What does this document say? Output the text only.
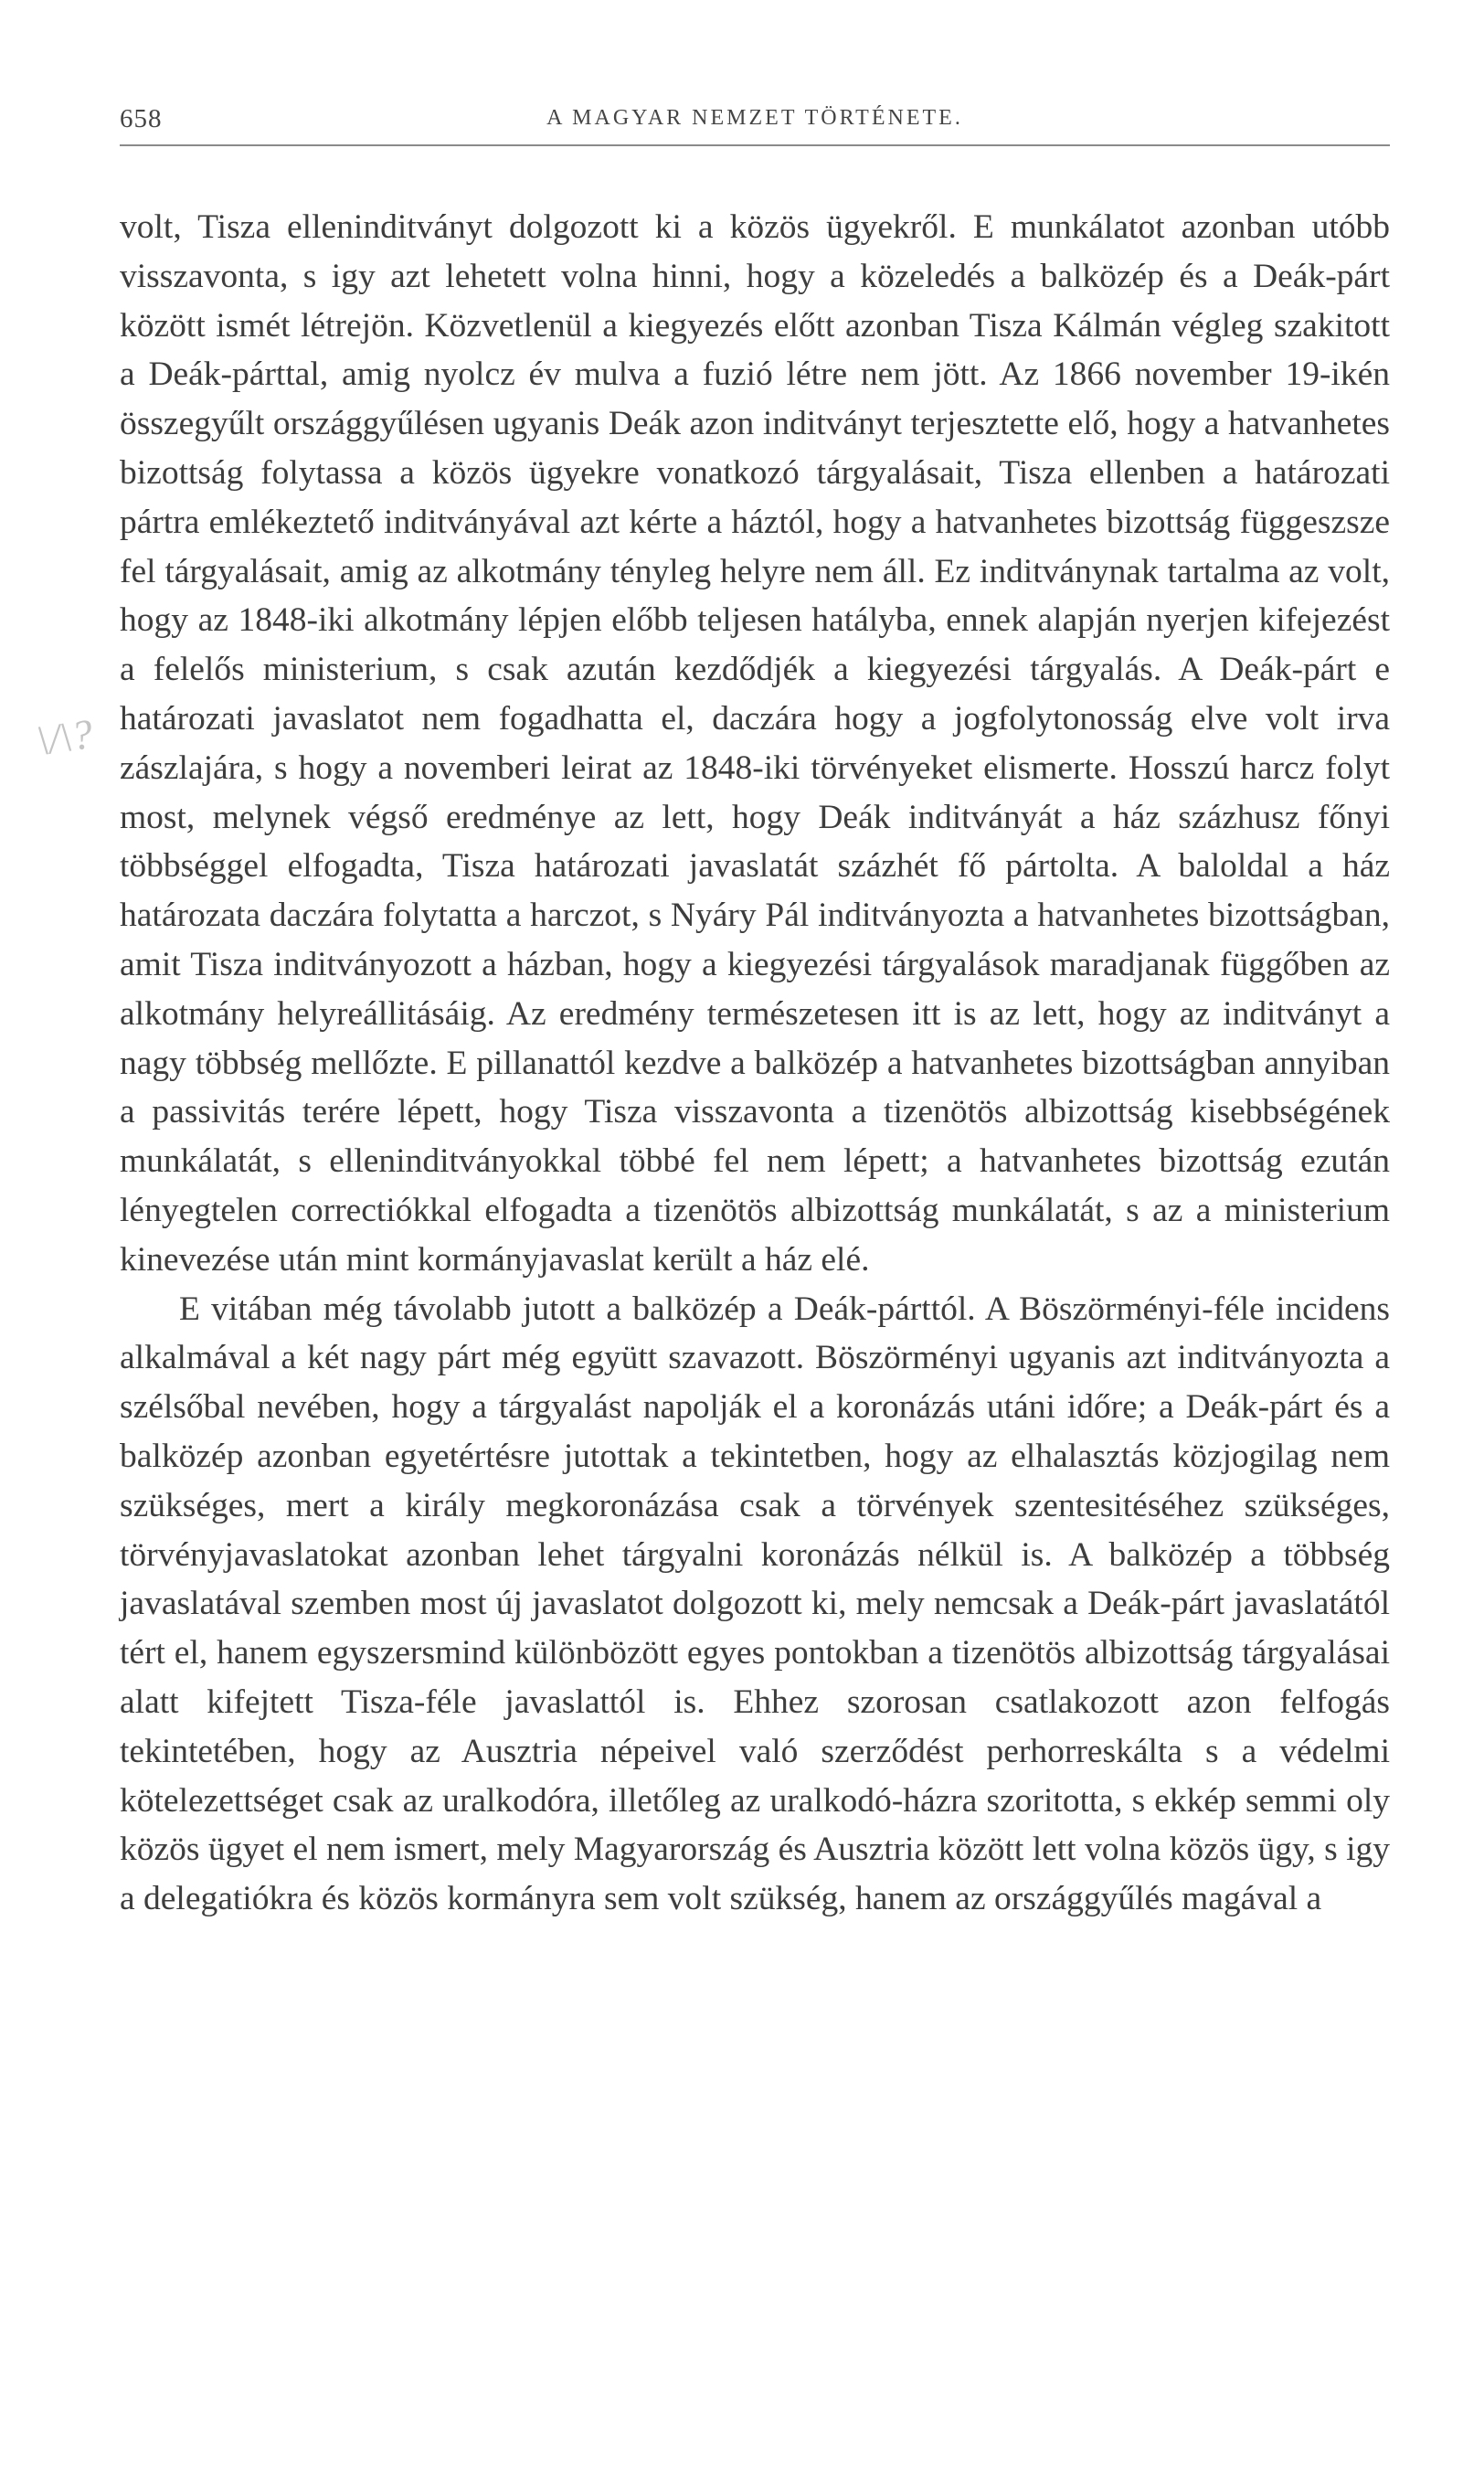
658	A MAGYAR NEMZET TÖRTÉNETE.
\/\?

volt, Tisza elleninditványt dolgozott ki a közös ügyekről. E munkálatot azonban utóbb visszavonta, s igy azt lehetett volna hinni, hogy a közeledés a balközép és a Deák-párt között ismét létrejön. Közvetlenül a kiegyezés előtt azonban Tisza Kálmán végleg szakitott a Deák-párttal, amig nyolcz év mulva a fuzió létre nem jött. Az 1866 november 19-ikén összegyűlt országgyűlésen ugyanis Deák azon inditványt terjesztette elő, hogy a hatvanhetes bizottság folytassa a közös ügyekre vonatkozó tárgyalásait, Tisza ellenben a határozati pártra emlékeztető inditványával azt kérte a háztól, hogy a hatvanhetes bizottság függeszsze fel tárgyalásait, amig az alkotmány tényleg helyre nem áll. Ez inditványnak tartalma az volt, hogy az 1848-iki alkotmány lépjen előbb teljesen hatályba, ennek alapján nyerjen kifejezést a felelős ministerium, s csak azután kezdődjék a kiegyezési tárgyalás. A Deák-párt e határozati javaslatot nem fogadhatta el, daczára hogy a jogfolytonosság elve volt irva zászlajára, s hogy a novemberi leirat az 1848-iki törvényeket elismerte. Hosszú harcz folyt most, melynek végső eredménye az lett, hogy Deák inditványát a ház százhusz főnyi többséggel elfogadta, Tisza határozati javaslatát százhét fő pártolta. A baloldal a ház határozata daczára folytatta a harczot, s Nyáry Pál inditványozta a hatvanhetes bizottságban, amit Tisza inditványozott a házban, hogy a kiegyezési tárgyalások maradjanak függőben az alkotmány helyreállitásáig. Az eredmény természetesen itt is az lett, hogy az inditványt a nagy többség mellőzte. E pillanattól kezdve a balközép a hatvanhetes bizottságban annyiban a passivitás terére lépett, hogy Tisza visszavonta a tizenötös albizottság kisebbségének munkálatát, s elleninditványokkal többé fel nem lépett; a hatvanhetes bizottság ezután lényegtelen correctiókkal elfogadta a tizenötös albizottság munkálatát, s az a ministerium kinevezése után mint kormányjavaslat került a ház elé.

E vitában még távolabb jutott a balközép a Deák-párttól. A Böszörményi-féle incidens alkalmával a két nagy párt még együtt szavazott. Böszörményi ugyanis azt inditványozta a szélsőbal nevében, hogy a tárgyalást napolják el a koronázás utáni időre; a Deák-párt és a balközép azonban egyetértésre jutottak a tekintetben, hogy az elhalasztás közjogilag nem szükséges, mert a király megkoronázása csak a törvények szentesitéséhez szükséges, törvényjavaslatokat azonban lehet tárgyalni koronázás nélkül is. A balközép a többség javaslatával szemben most új javaslatot dolgozott ki, mely nemcsak a Deák-párt javaslatától tért el, hanem egyszersmind különbözött egyes pontokban a tizenötös albizottság tárgyalásai alatt kifejtett Tisza-féle javaslattól is. Ehhez szorosan csatlakozott azon felfogás tekintetében, hogy az Ausztria népeivel való szerződést perhorreskálta s a védelmi kötelezettséget csak az uralkodóra, illetőleg az uralkodó-házra szoritotta, s ekkép semmi oly közös ügyet el nem ismert, mely Magyarország és Ausztria között lett volna közös ügy, s igy a delegatiókra és közös kormányra sem volt szükség, hanem az országgyűlés magával a
